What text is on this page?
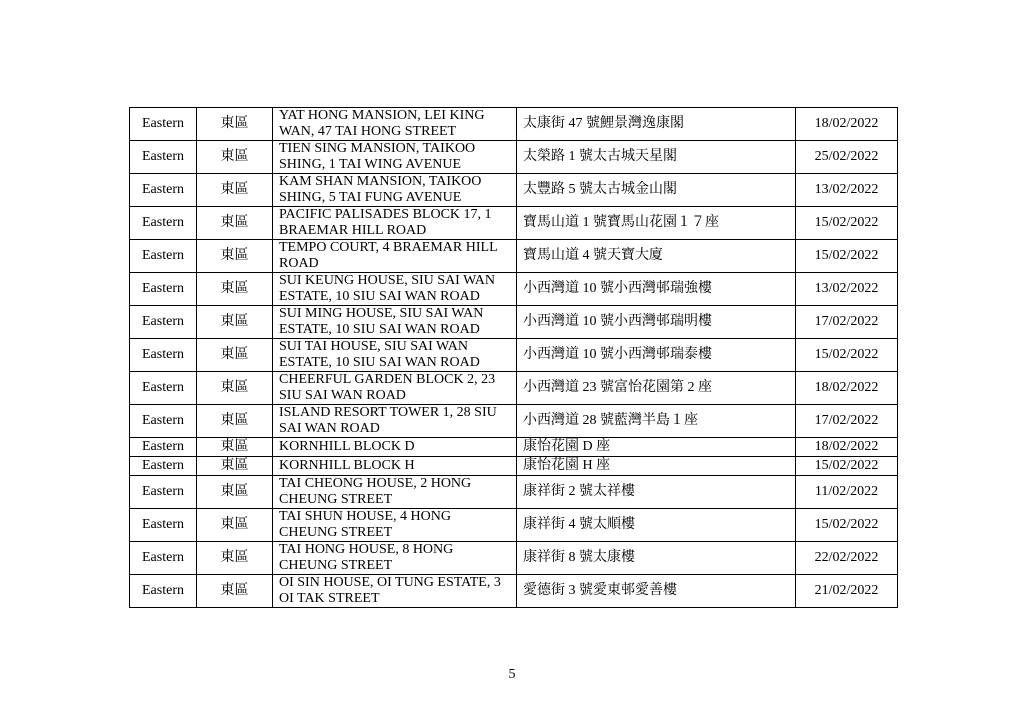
Eastern	東區	YAT HONG MANSION, LEI KING WAN, 47 TAI HONG STREET	太康街 47 號鯉景灣逸康閣	18/02/2022
Eastern	東區	TIEN SING MANSION, TAIKOO SHING, 1 TAI WING AVENUE	太榮路 1 號太古城天星閣	25/02/2022
Eastern	東區	KAM SHAN MANSION, TAIKOO SHING, 5 TAI FUNG AVENUE	太豐路 5 號太古城金山閣	13/02/2022
Eastern	東區	PACIFIC PALISADES BLOCK 17, 1 BRAEMAR HILL ROAD	寶馬山道 1 號寶馬山花園１７座	15/02/2022
Eastern	東區	TEMPO COURT, 4 BRAEMAR HILL ROAD	寶馬山道 4 號天寶大廈	15/02/2022
Eastern	東區	SUI KEUNG HOUSE, SIU SAI WAN ESTATE, 10 SIU SAI WAN ROAD	小西灣道 10 號小西灣邨瑞強樓	13/02/2022
Eastern	東區	SUI MING HOUSE, SIU SAI WAN ESTATE, 10 SIU SAI WAN ROAD	小西灣道 10 號小西灣邨瑞明樓	17/02/2022
Eastern	東區	SUI TAI HOUSE, SIU SAI WAN ESTATE, 10 SIU SAI WAN ROAD	小西灣道 10 號小西灣邨瑞泰樓	15/02/2022
Eastern	東區	CHEERFUL GARDEN BLOCK 2, 23 SIU SAI WAN ROAD	小西灣道 23 號富怡花園第 2 座	18/02/2022
Eastern	東區	ISLAND RESORT TOWER 1, 28 SIU SAI WAN ROAD	小西灣道 28 號藍灣半島１座	17/02/2022
Eastern	東區	KORNHILL BLOCK D	康怡花園 D 座	18/02/2022
Eastern	東區	KORNHILL BLOCK H	康怡花園 H 座	15/02/2022
Eastern	東區	TAI CHEONG HOUSE, 2 HONG CHEUNG STREET	康祥街 2 號太祥樓	11/02/2022
Eastern	東區	TAI SHUN HOUSE, 4 HONG CHEUNG STREET	康祥街 4 號太順樓	15/02/2022
Eastern	東區	TAI HONG HOUSE, 8 HONG CHEUNG STREET	康祥街 8 號太康樓	22/02/2022
Eastern	東區	OI SIN HOUSE, OI TUNG ESTATE, 3 OI TAK STREET	愛德街 3 號愛東邨愛善樓	21/02/2022
5
